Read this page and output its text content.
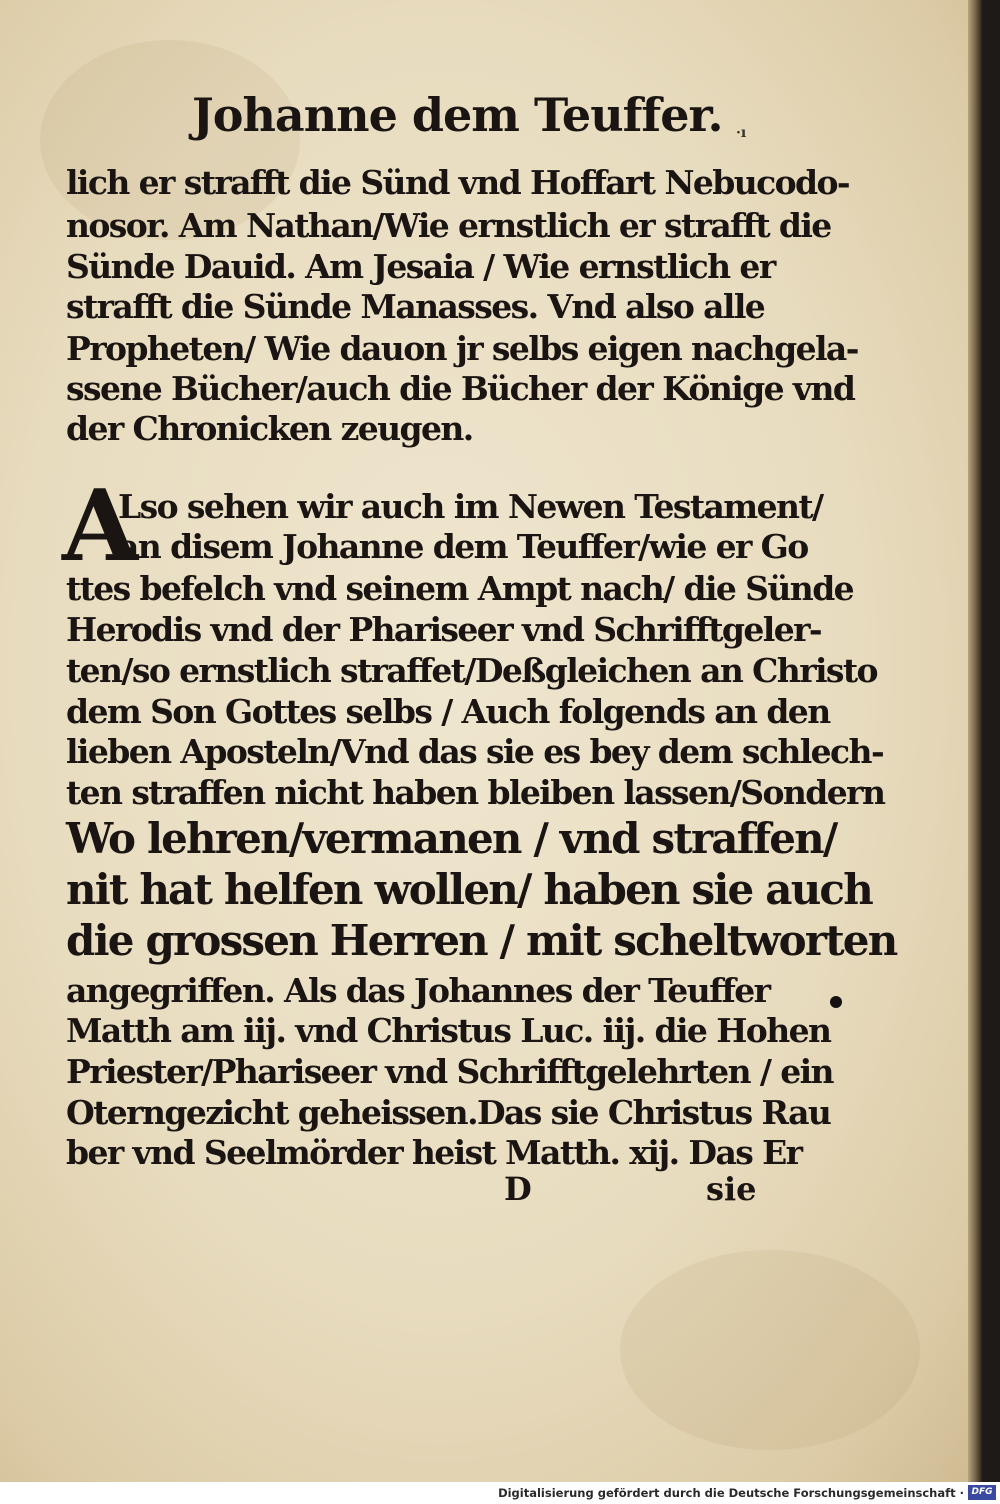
Johanne dem Teuffer. ·ı
lich er strafft die Sünd vnd Hoffart Nebucodo-
nosor. Am Nathan/Wie ernstlich er strafft die
Sünde Dauid. Am Jesaia / Wie ernstlich er
strafft die Sünde Manasses. Vnd also alle
Propheten/ Wie dauon jr selbs eigen nachgela-
ssene Bücher/auch die Bücher der Könige vnd
der Chronicken zeugen.
A
Lso sehen wir auch im Newen Testament/
an disem Johanne dem Teuffer/wie er Go
ttes befelch vnd seinem Ampt nach/ die Sünde
Herodis vnd der Phariseer vnd Schrifftgeler-
ten/so ernstlich straffet/Deßgleichen an Christo
dem Son Gottes selbs / Auch folgends an den
lieben Aposteln/Vnd das sie es bey dem schlech-
ten straffen nicht haben bleiben lassen/Sondern
Wo lehren/vermanen / vnd straffen/
nit hat helfen wollen/ haben sie auch
die grossen Herren / mit scheltworten
angegriffen. Als das Johannes der Teuffer
Matth am iij. vnd Christus Luc. iij. die Hohen
Priester/Phariseer vnd Schrifftgelehrten / ein
Oterngezicht geheissen.Das sie Christus Rau
ber vnd Seelmörder heist Matth. xij. Das Er
D	sie
Digitalisierung gefördert durch die Deutsche Forschungsgemeinschaft · DFG
